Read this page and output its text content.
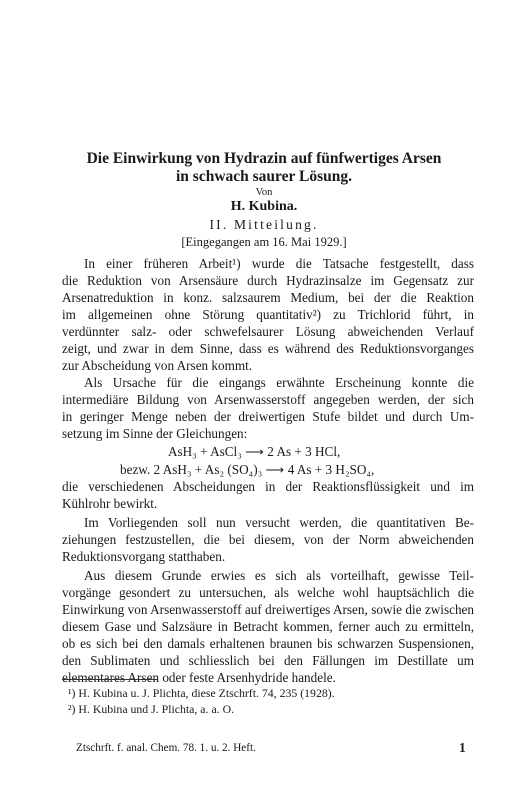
Die Einwirkung von Hydrazin auf fünfwertiges Arsen
in schwach saurer Lösung.
Von
H. Kubina.
II. Mitteilung.
[Eingegangen am 16. Mai 1929.]
In einer früheren Arbeit¹) wurde die Tatsache festgestellt, dass
die Reduktion von Arsensäure durch Hydrazinsalze im Gegensatz zur
Arsenatreduktion in konz. salzsaurem Medium, bei der die Reaktion
im allgemeinen ohne Störung quantitativ²) zu Trichlorid führt, in
verdünnter salz- oder schwefelsaurer Lösung abweichenden Verlauf
zeigt, und zwar in dem Sinne, dass es während des Reduktionsvorganges
zur Abscheidung von Arsen kommt.
Als Ursache für die eingangs erwähnte Erscheinung konnte die
intermediäre Bildung von Arsenwasserstoff angegeben werden, der sich
in geringer Menge neben der dreiwertigen Stufe bildet und durch Um-
setzung im Sinne der Gleichungen:
AsH₃ + AsCl₃ ⟶ 2 As + 3 HCl,
bezw. 2 AsH₃ + As₂ (SO₄)₃ ⟶ 4 As + 3 H₂SO₄,
die verschiedenen Abscheidungen in der Reaktionsflüssigkeit und im
Kühlrohr bewirkt.
Im Vorliegenden soll nun versucht werden, die quantitativen Be-
ziehungen festzustellen, die bei diesem, von der Norm abweichenden
Reduktionsvorgang statthaben.
Aus diesem Grunde erwies es sich als vorteilhaft, gewisse Teil-
vorgänge gesondert zu untersuchen, als welche wohl hauptsächlich die
Einwirkung von Arsenwasserstoff auf dreiwertiges Arsen, sowie die zwischen
diesem Gase und Salzsäure in Betracht kommen, ferner auch zu ermitteln,
ob es sich bei den damals erhaltenen braunen bis schwarzen Suspensionen,
den Sublimaten und schliesslich bei den Fällungen im Destillate um
elementares Arsen oder feste Arsenhydride handele.
¹) H. Kubina u. J. Plichta, diese Ztschrft. 74, 235 (1928).
²) H. Kubina und J. Plichta, a. a. O.
Ztschrft. f. anal. Chem. 78. 1. u. 2. Heft.	1
